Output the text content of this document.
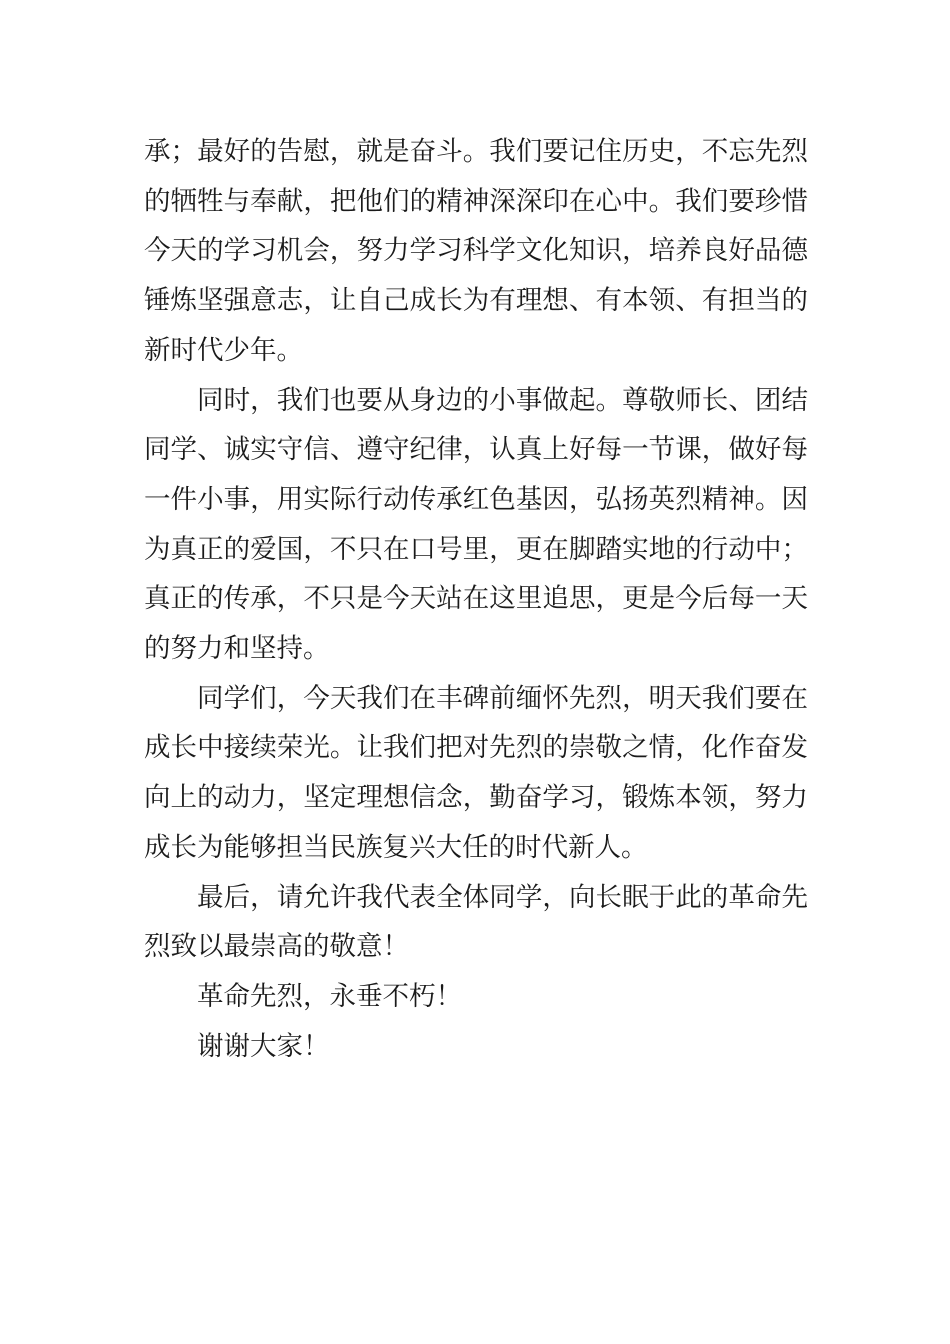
承；最好的告慰，就是奋斗。我们要记住历史，不忘先烈的牺牲与奉献，把他们的精神深深印在心中。我们要珍惜今天的学习机会，努力学习科学文化知识，培养良好品德锤炼坚强意志，让自己成长为有理想、有本领、有担当的新时代少年。

同时，我们也要从身边的小事做起。尊敬师长、团结同学、诚实守信、遵守纪律，认真上好每一节课，做好每一件小事，用实际行动传承红色基因，弘扬英烈精神。因为真正的爱国，不只在口号里，更在脚踏实地的行动中；真正的传承，不只是今天站在这里追思，更是今后每一天的努力和坚持。

同学们，今天我们在丰碑前缅怀先烈，明天我们要在成长中接续荣光。让我们把对先烈的崇敬之情，化作奋发向上的动力，坚定理想信念，勤奋学习，锻炼本领，努力成长为能够担当民族复兴大任的时代新人。

最后，请允许我代表全体同学，向长眠于此的革命先烈致以最崇高的敬意！

革命先烈，永垂不朽！

谢谢大家！
